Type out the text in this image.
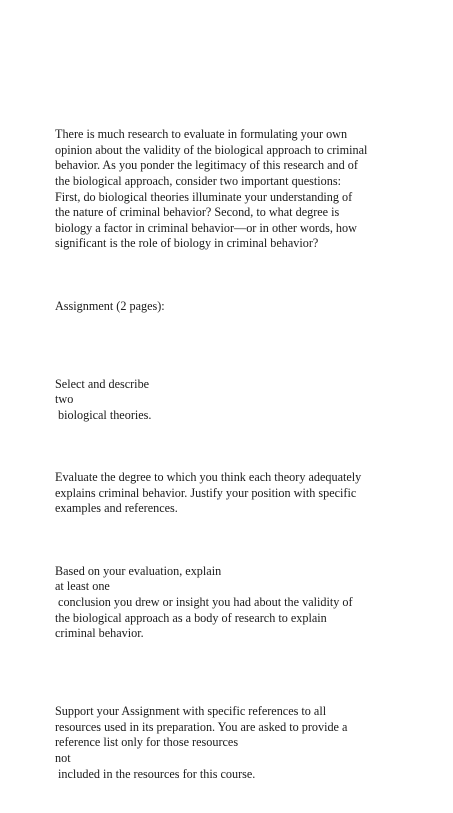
There is much research to evaluate in formulating your own
opinion about the validity of the biological approach to criminal
behavior. As you ponder the legitimacy of this research and of
the biological approach, consider two important questions:
First, do biological theories illuminate your understanding of
the nature of criminal behavior? Second, to what degree is
biology a factor in criminal behavior—or in other words, how
significant is the role of biology in criminal behavior?

Assignment (2 pages):

Select and describe
two
biological theories.

Evaluate the degree to which you think each theory adequately
explains criminal behavior. Justify your position with specific
examples and references.

Based on your evaluation, explain
at least one
conclusion you drew or insight you had about the validity of
the biological approach as a body of research to explain
criminal behavior.

Support your Assignment with specific references to all
resources used in its preparation. You are asked to provide a
reference list only for those resources
not
included in the resources for this course.
